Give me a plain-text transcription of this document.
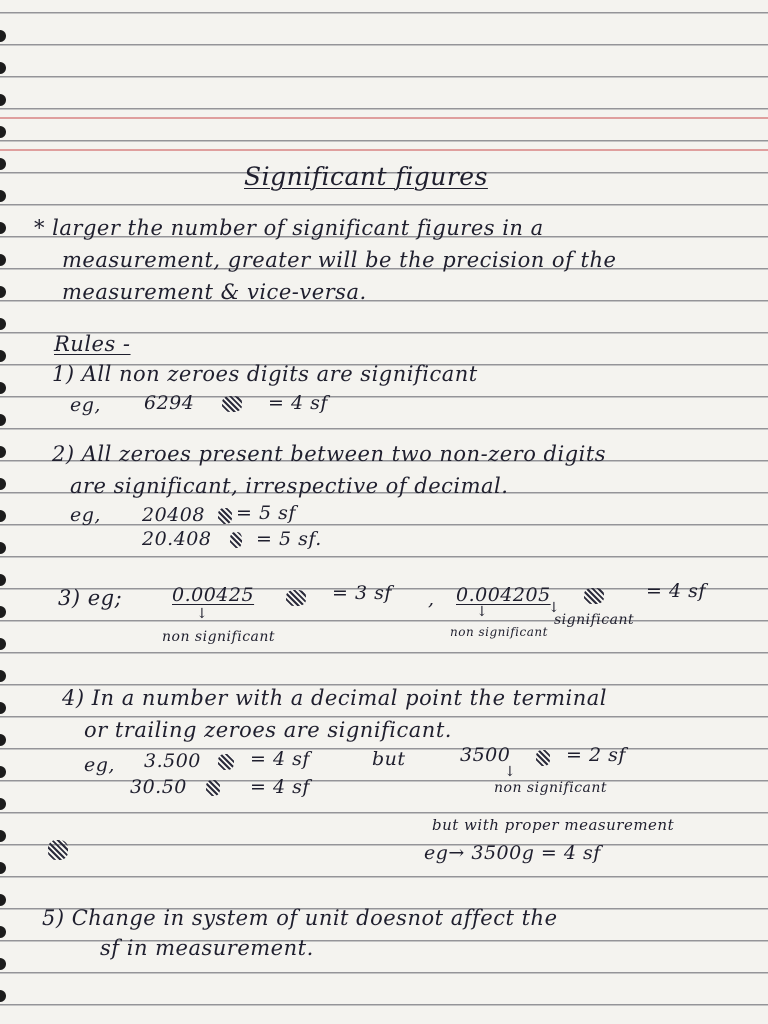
Significant figures
* larger the number of significant figures in a
measurement, greater will be the precision of the
measurement & vice-versa.
Rules -
1) All non zeroes digits are significant
eg, 6294	= 4 sf
2) All zeroes present between two non-zero digits
are significant, irrespective of decimal.
eg, 20408 = 5 sf
20.408 = 5 sf.
3) eg;	0.00425	= 3 sf , 0.004205	= 4 sf
↓
non significant
↓	↓
non significant
significant
4) In a number with a decimal point the terminal
or trailing zeroes are significant.
eg, 3.500	= 4 sf
30.50	= 4 sf
but	3500	= 2 sf
↓
non significant
but with proper measurement
eg→ 3500g = 4 sf
5) Change in system of unit doesnot affect the
sf in measurement.
